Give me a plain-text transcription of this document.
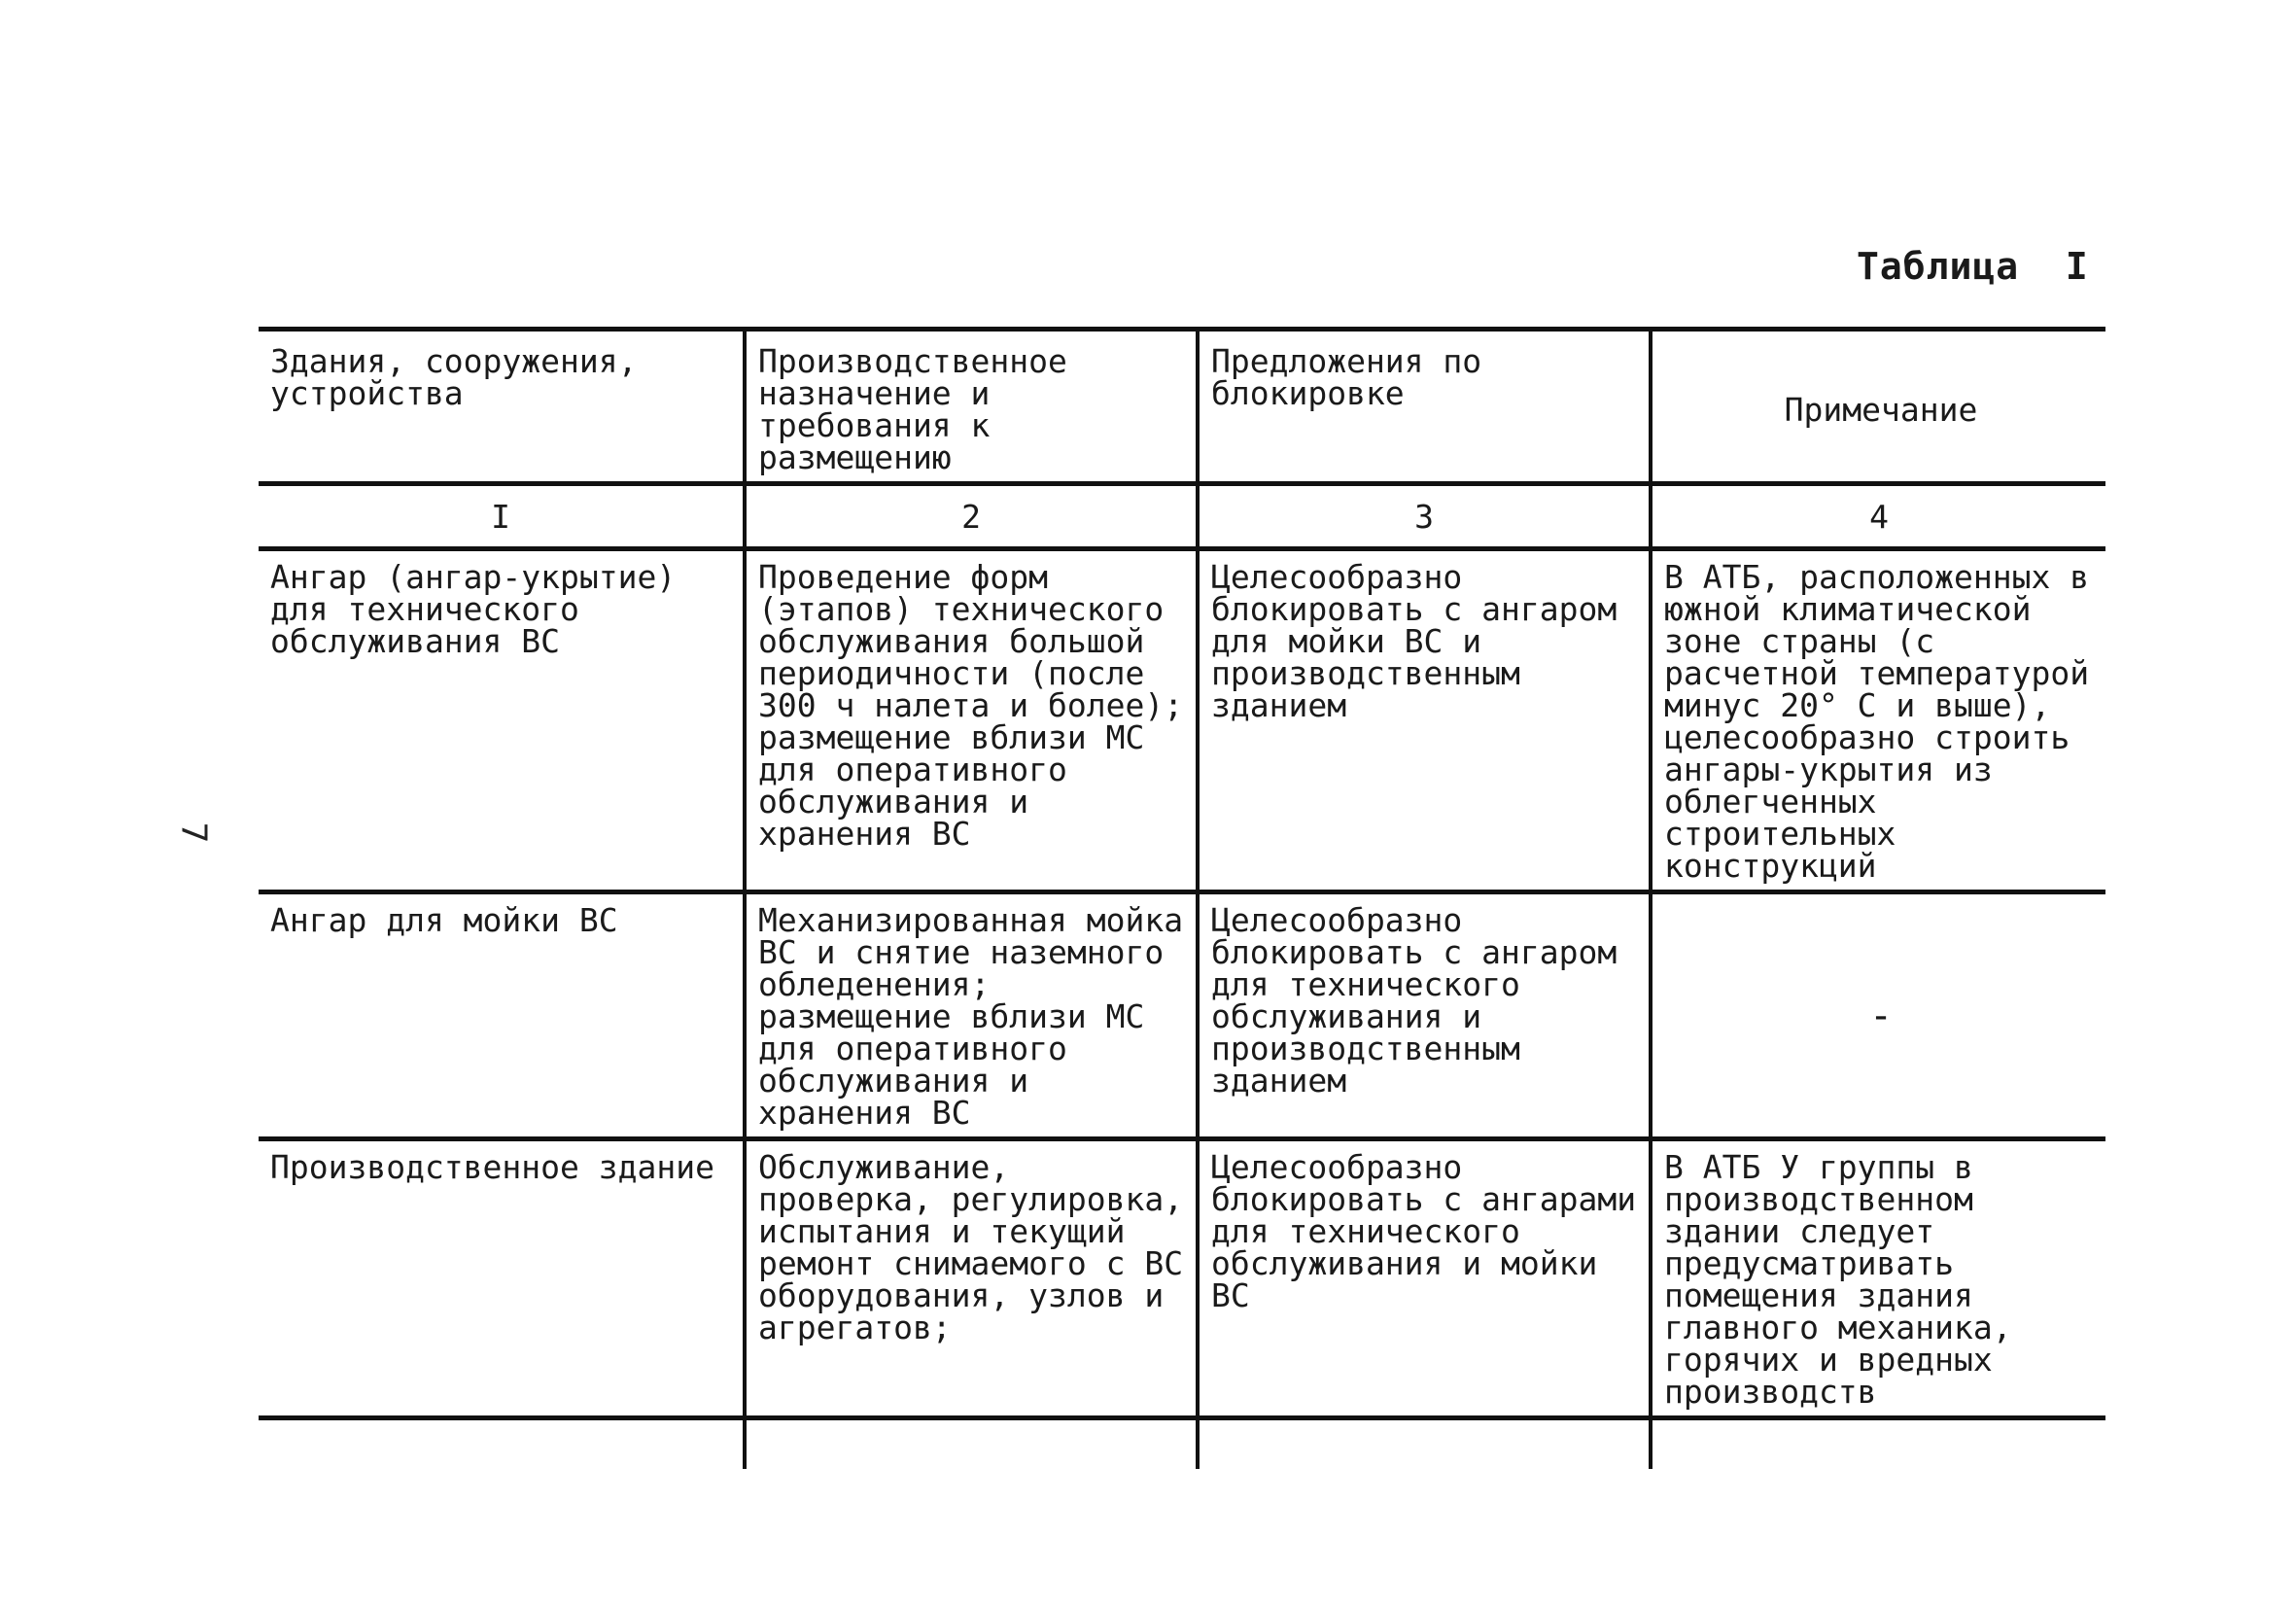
7
Таблица  I
Здания, сооружения, устройства	Производственное назначение и требования к размещению	Предложения по блокировке	Примечание

I	2	3	4

Ангар (ангар-укрытие) для технического обслуживания ВС	Проведение форм (этапов) технического обслуживания большой периодичности (после 300 ч налета и более); размещение вблизи МС для оперативного обслуживания и хранения ВС	Целесообразно блокировать с ангаром для мойки ВС и производственным зданием	В АТБ, расположенных в южной климатической зоне страны (с расчетной температурой минус 20° С и выше), целесообразно строить ангары-укрытия из облегченных строительных конструкций

Ангар для мойки ВС	Механизированная мойка ВС и снятие наземного обледенения; размещение вблизи МС для оперативного обслуживания и хранения ВС	Целесообразно блокировать с ангаром для технического обслуживания и производственным зданием	-

Производственное здание	Обслуживание, проверка, регулировка, испытания и текущий ремонт снимаемого с ВС оборудования, узлов и агрегатов;	Целесообразно блокировать с ангарами для технического обслуживания и мойки ВС	В АТБ У группы в производственном здании следует предусматривать помещения здания главного механика, горячих и вредных производств
